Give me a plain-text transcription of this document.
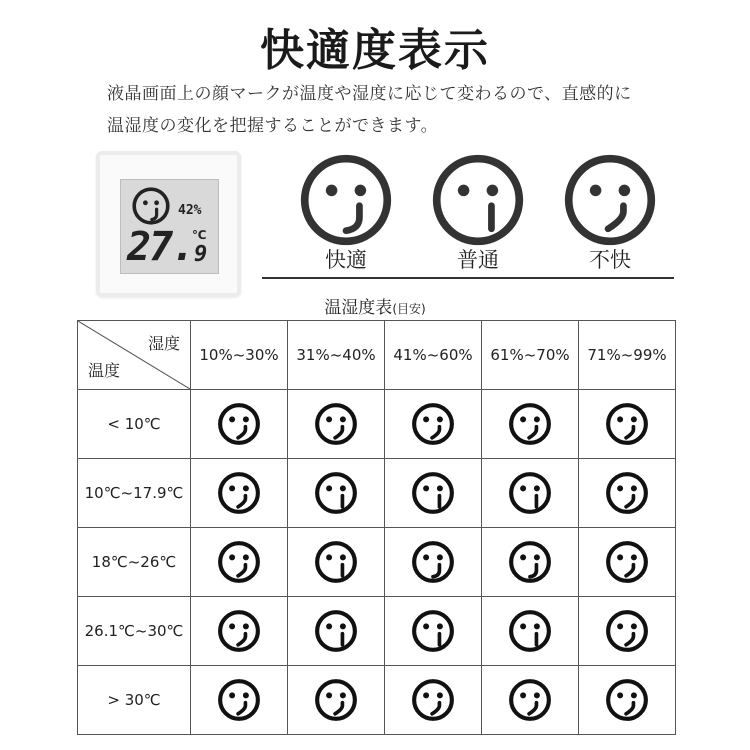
快適度表示
液晶画面上の顔マークが温度や湿度に応じて変わるので、直感的に
温湿度の変化を把握することができます。
42%
27.
℃
9	快適	普通	不快
温湿度表(目安)
湿度
温度	10%~30%	31%~40%	41%~60%	61%~70%	71%~99%
< 10℃	

10℃~17.9℃	

18℃~26℃	

26.1℃~30℃	

> 30℃	
